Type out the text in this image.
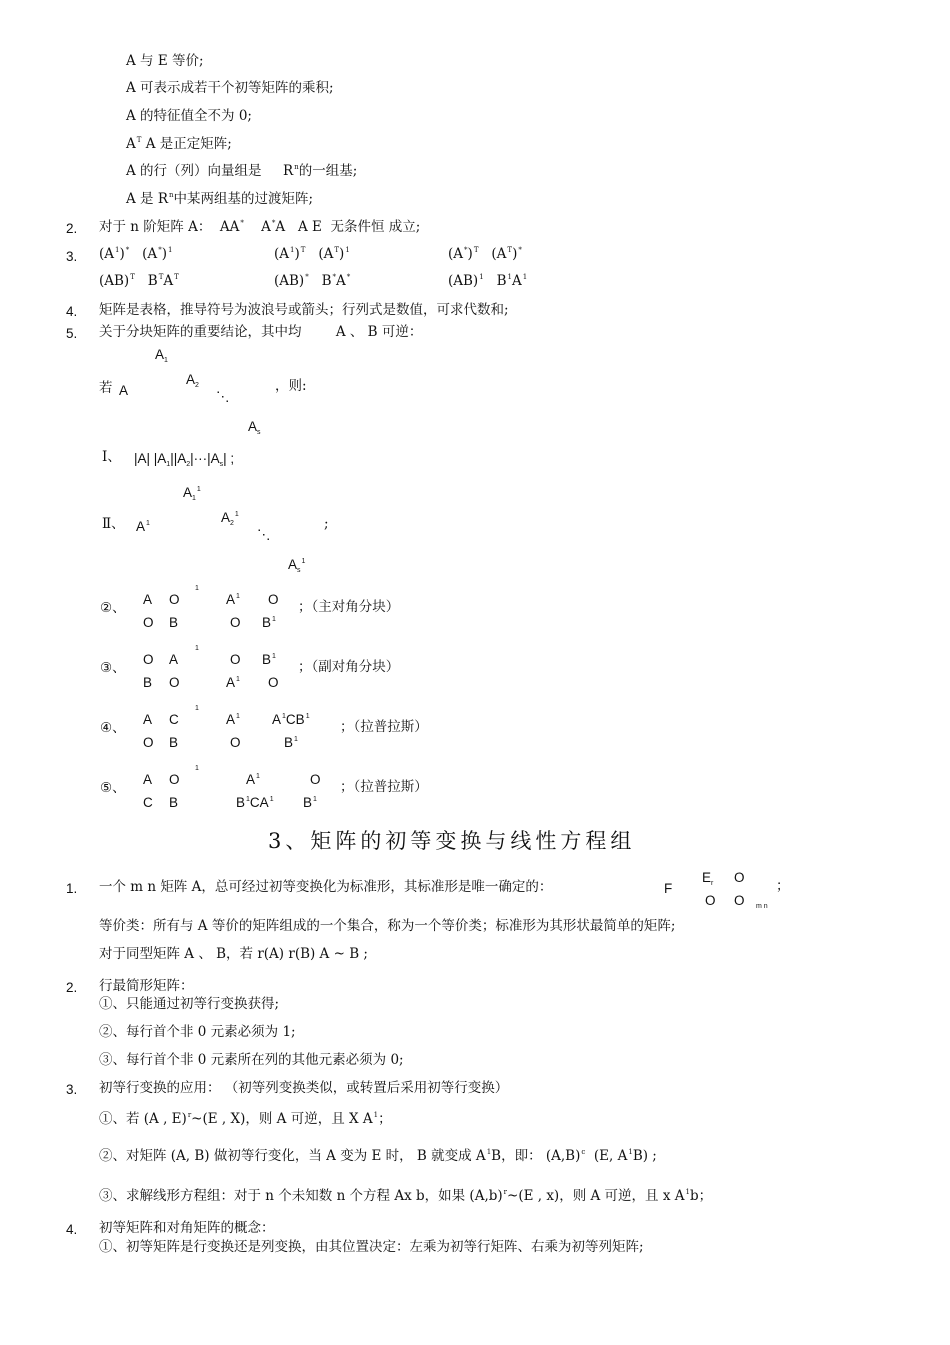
A 与 E 等价;
A 可表示成若干个初等矩阵的乘积;
A 的特征值全不为 0;
$A^T$ A 是正定矩阵;
A 的行（列）向量组是 $R^n$的一组基;
A 是 $R^n$中某两组基的过渡矩阵;
2. 对于 n 阶矩阵 A： AA* A*A A E 无条件恒 成立;
3. $(A^1)^*$ $(A^*)^1$	$(A^1)^T$ $(A^T)^1$	$(A^*)^T$ $(A^T)^*$
(AB)$^T$ $B^TA^T$	(AB)* B*A*	(AB)$^1$ $B^1A^1$
4. 矩阵是表格，推导符号为波浪号或箭头；行列式是数值，可求代数和;
5. 关于分块矩阵的重要结论，其中均	A 、 B 可逆：
$A_1$
若 A
$A_2$
⋱
，则:
$A_s$
Ⅰ、 |A| $|A_1||A_2|\cdot\cdot\cdot|A_s|$ ;
$A_1^1$
Ⅱ、 $A^1$	$A_2^1$
⋱
;
$A_s^1$
②、
A O
O B
1
$A^1$ O
O $B^1$
；（主对角分块）
③、
O A
B O
1
O $B^1$
$A^1$ O
；（副对角分块）
④、
A C
O B
1
$A^1$ $A^1CB^1$
O	$B^1$
；（拉普拉斯）
⑤、
A O
C B
1
$A^1$	O
$B^1CA^1$ $B^1$
；（拉普拉斯）
3、矩阵的初等变换与线性方程组
1. 一个 m n 矩阵 A，总可经过初等变换化为标准形，其标准形是唯一确定的：	F
$E_r$ O
O O m n
；
等价类：所有与 A 等价的矩阵组成的一个集合，称为一个等价类；标准形为其形状最简单的矩阵;
对于同型矩阵 A 、 B，若 r(A) r(B) A ~ B ;
2. 行最简形矩阵：
①、只能通过初等行变换获得;
②、每行首个非 0 元素必须为 1;
③、每行首个非 0 元素所在列的其他元素必须为 0;
3. 初等行变换的应用： （初等列变换类似，或转置后采用初等行变换）
①、若 (A , E)$^r$~(E , X)，则 A 可逆，且 X $A^1$；
②、对矩阵 (A, B) 做初等行变化，当 A 变为 E 时， B 就变成 $A^1B$，即： $(A,B)^c$ (E, $A^1B$) ;
③、求解线形方程组：对于 n 个未知数 n 个方程 Ax b，如果 $(A,b)^r\sim(E$ , x)，则 A 可逆，且 x $A^1b$；
4. 初等矩阵和对角矩阵的概念：
①、初等矩阵是行变换还是列变换，由其位置决定：左乘为初等行矩阵、右乘为初等列矩阵;
